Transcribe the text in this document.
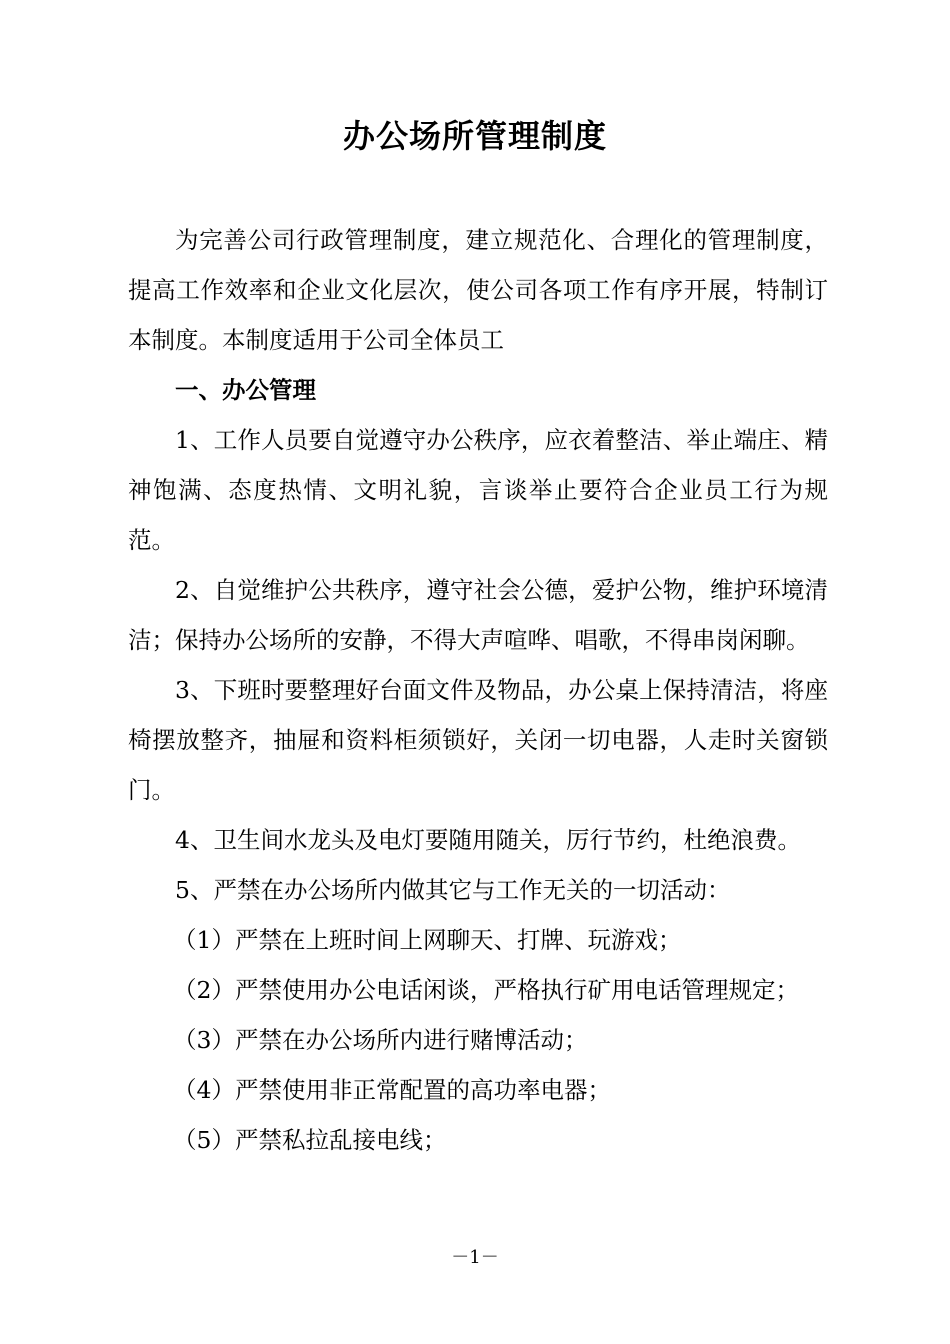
办公场所管理制度

为完善公司行政管理制度，建立规范化、合理化的管理制度，提高工作效率和企业文化层次，使公司各项工作有序开展，特制订本制度。本制度适用于公司全体员工

一、办公管理

1、工作人员要自觉遵守办公秩序，应衣着整洁、举止端庄、精神饱满、态度热情、文明礼貌，言谈举止要符合企业员工行为规范。

2、自觉维护公共秩序，遵守社会公德，爱护公物，维护环境清洁；保持办公场所的安静，不得大声喧哗、唱歌，不得串岗闲聊。

3、下班时要整理好台面文件及物品，办公桌上保持清洁，将座椅摆放整齐，抽屉和资料柜须锁好，关闭一切电器，人走时关窗锁门。

4、卫生间水龙头及电灯要随用随关，厉行节约，杜绝浪费。

5、严禁在办公场所内做其它与工作无关的一切活动：

（1）严禁在上班时间上网聊天、打牌、玩游戏；

（2）严禁使用办公电话闲谈，严格执行矿用电话管理规定；

（3）严禁在办公场所内进行赌博活动；

（4）严禁使用非正常配置的高功率电器；

（5）严禁私拉乱接电线；

－1－
